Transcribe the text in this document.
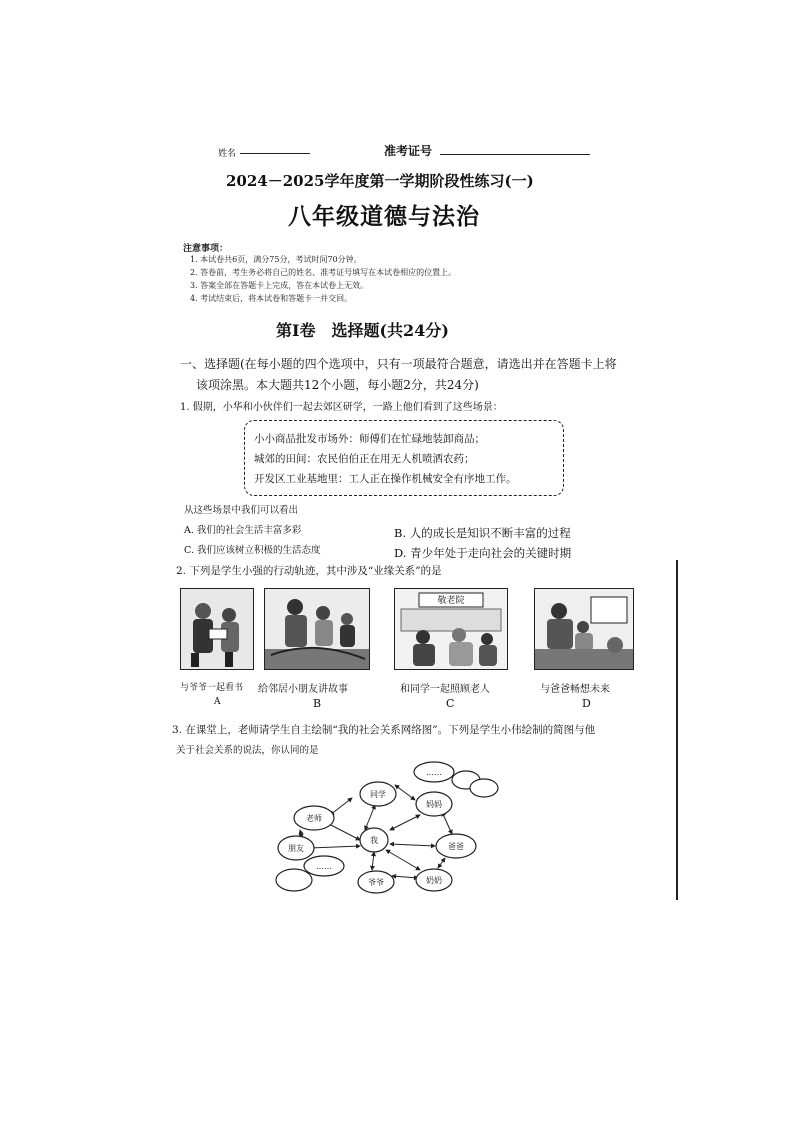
姓名	准考证号
2024－2025学年度第一学期阶段性练习(一)
八年级道德与法治
注意事项：
1. 本试卷共6页，满分75分，考试时间70分钟。
2. 答卷前，考生务必将自己的姓名、准考证号填写在本试卷相应的位置上。
3. 答案全部在答题卡上完成，答在本试卷上无效。
4. 考试结束后，将本试卷和答题卡一并交回。
第Ⅰ卷　选择题(共24分)
一、选择题(在每小题的四个选项中，只有一项最符合题意，请选出并在答题卡上将
该项涂黑。本大题共12个小题，每小题2分，共24分)
1. 假期，小华和小伙伴们一起去郊区研学，一路上他们看到了这些场景：
小小商品批发市场外：师傅们在忙碌地装卸商品；
城郊的田间：农民伯伯正在用无人机喷洒农药；
开发区工业基地里：工人正在操作机械安全有序地工作。
从这些场景中我们可以看出
A. 我们的社会生活丰富多彩	B. 人的成长是知识不断丰富的过程
C. 我们应该树立积极的生活态度	D. 青少年处于走向社会的关键时期
2. 下列是学生小强的行动轨迹，其中涉及“业缘关系”的是
敬老院
与爷爷一起看书 给邻居小朋友讲故事	和同学一起照顾老人	与爸爸畅想未来
A	B	C	D
3. 在课堂上，老师请学生自主绘制“我的社会关系网络图”。下列是学生小伟绘制的简图与他
关于社会关系的说法，你认同的是
我
同学
妈妈
老师
朋友	爸爸
爷爷	奶奶
……
……
